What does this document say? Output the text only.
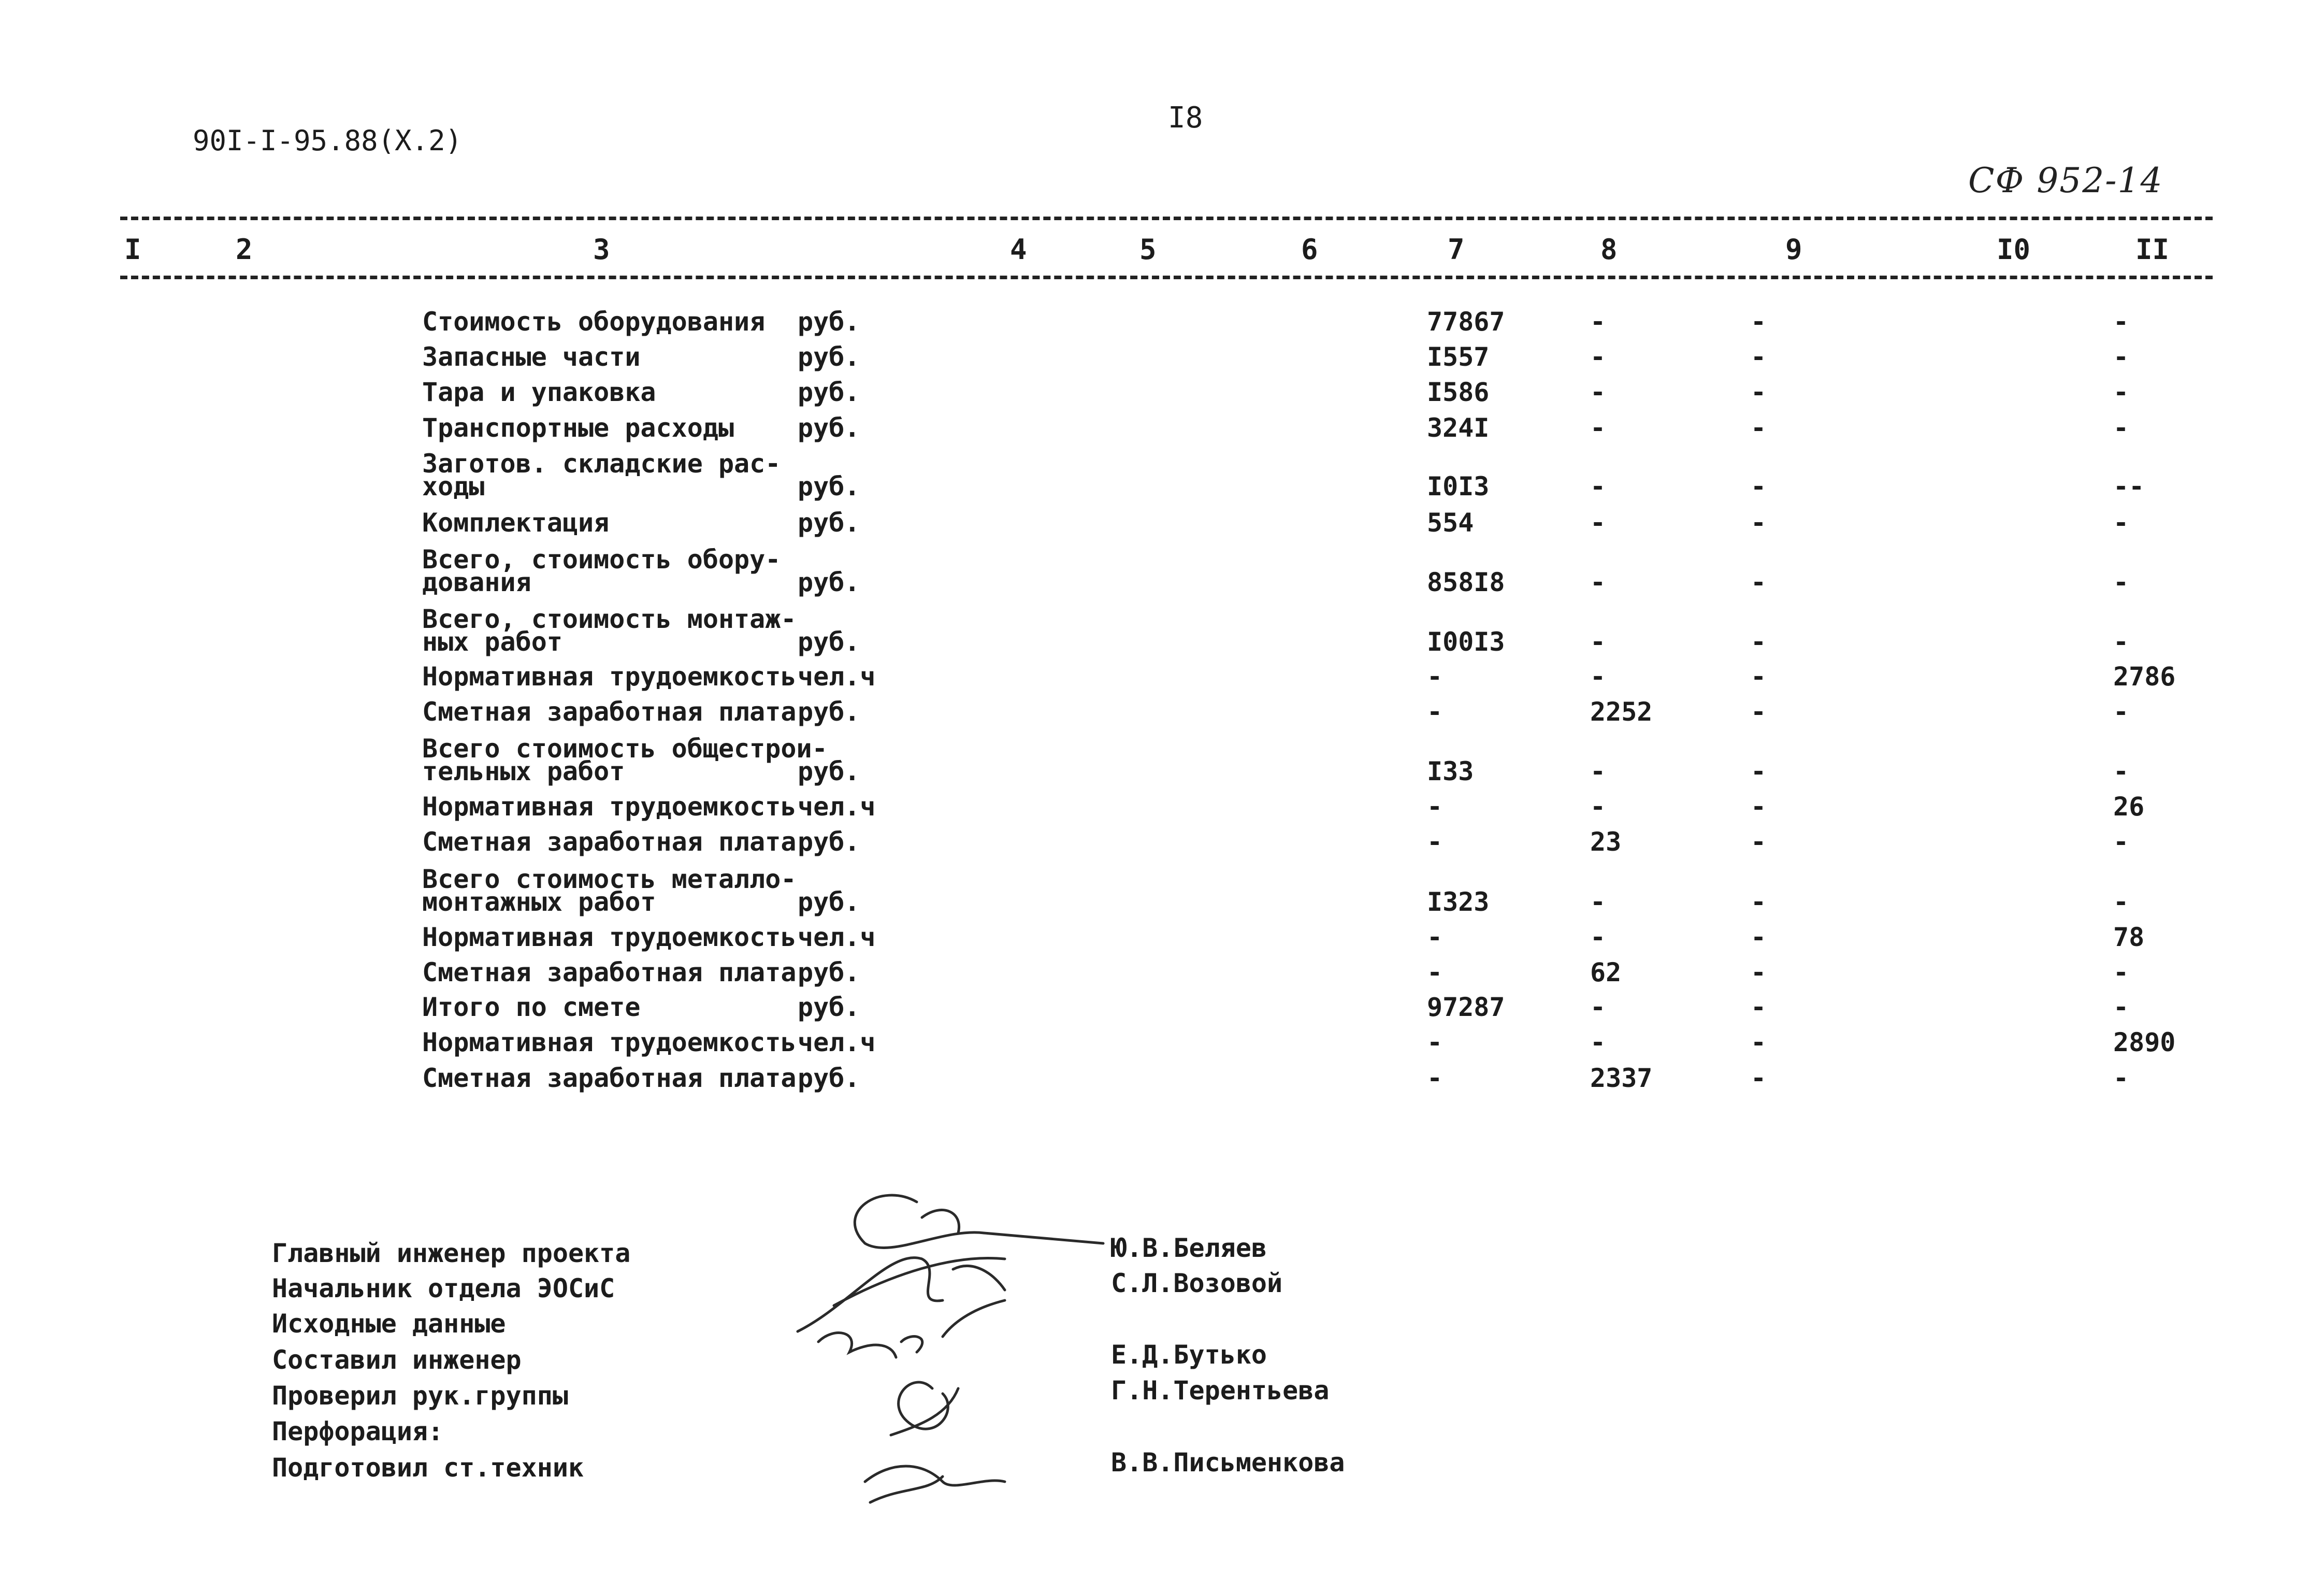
90I-I-95.88(X.2)
I8
СФ 952-14
I	2	3	4	5	6	7	8	9	I0	II
Стоимость оборудования руб.	77867	-	-	-
Запасные части	руб.	I557	-	-	-
Тара и упаковка	руб.	I586	-	-	-
Транспортные расходы руб.	324I	-	-	-
Заготов. складские рас-
ходы	руб.	I0I3	-	-	--
Комплектация	руб.	554	-	-	-
Всего, стоимость обору-
дования	руб.	858I8	-	-	-
Всего, стоимость монтаж-
ных работ	руб.	I00I3	-	-	-
Нормативная трудоемкость чел.ч	-	-	-	2786
Сметная заработная плата руб.	-	2252	-	-
Всего стоимость общестрои-
тельных работ	руб.	I33	-	-	-
Нормативная трудоемкость чел.ч	-	-	-	26
Сметная заработная плата руб.	-	23	-	-
Всего стоимость металло-
монтажных работ	руб.	I323	-	-	-
Нормативная трудоемкость чел.ч	-	-	-	78
Сметная заработная плата руб.	-	62	-	-
Итого по смете	руб.	97287	-	-	-
Нормативная трудоемкость чел.ч	-	-	-	2890
Сметная заработная плата руб.	-	2337	-	-
Главный инженер проекта	Ю.В.Беляев
Начальник отдела ЭОСиС	С.Л.Возовой
Исходные данные
Составил инженер	Е.Д.Бутько
Проверил рук.группы	Г.Н.Терентьева
Перфорация:
Подготовил ст.техник	В.В.Письменкова
